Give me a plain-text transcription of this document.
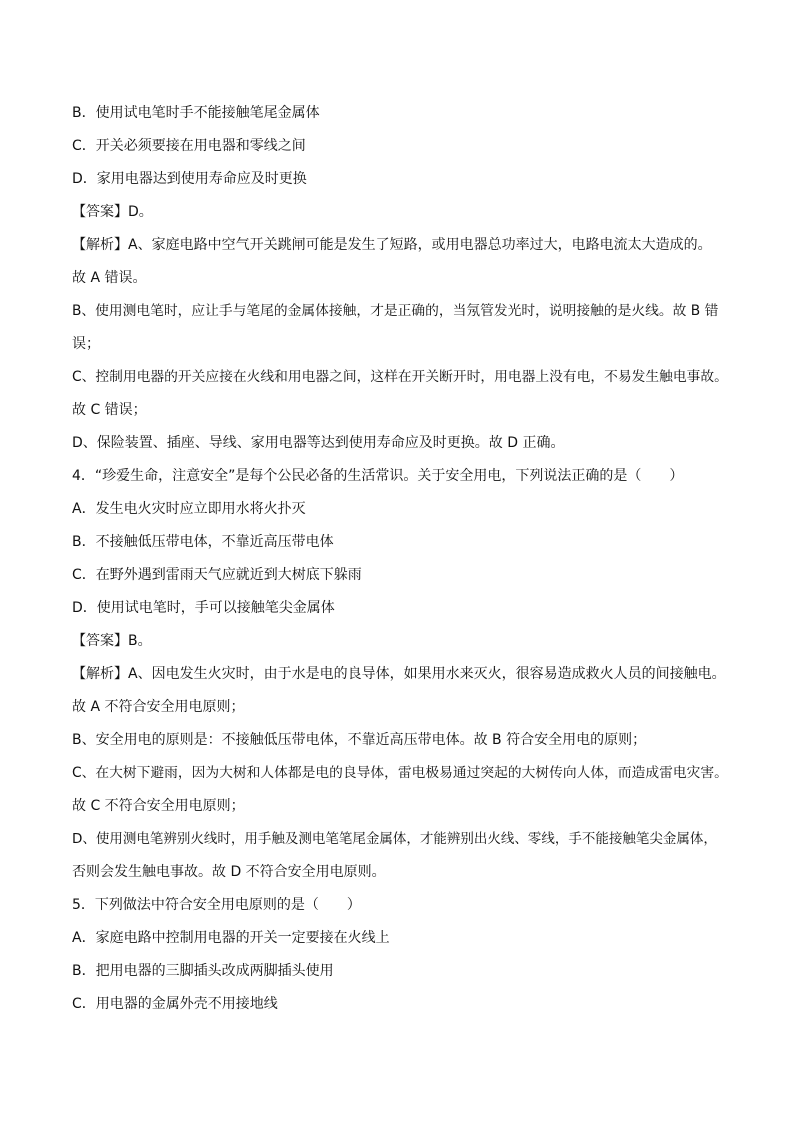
B．使用试电笔时手不能接触笔尾金属体
C．开关必须要接在用电器和零线之间
D．家用电器达到使用寿命应及时更换
【答案】D。
【解析】A、家庭电路中空气开关跳闸可能是发生了短路，或用电器总功率过大，电路电流太大造成的。
故 A 错误。
B、使用测电笔时，应让手与笔尾的金属体接触，才是正确的，当氖管发光时，说明接触的是火线。故 B 错
误；
C、控制用电器的开关应接在火线和用电器之间，这样在开关断开时，用电器上没有电，不易发生触电事故。
故 C 错误；
D、保险装置、插座、导线、家用电器等达到使用寿命应及时更换。故 D 正确。
4．“珍爱生命，注意安全”是每个公民必备的生活常识。关于安全用电，下列说法正确的是（　　）
A．发生电火灾时应立即用水将火扑灭
B．不接触低压带电体，不靠近高压带电体
C．在野外遇到雷雨天气应就近到大树底下躲雨
D．使用试电笔时，手可以接触笔尖金属体
【答案】B。
【解析】A、因电发生火灾时，由于水是电的良导体，如果用水来灭火，很容易造成救火人员的间接触电。
故 A 不符合安全用电原则；
B、安全用电的原则是：不接触低压带电体，不靠近高压带电体。故 B 符合安全用电的原则；
C、在大树下避雨，因为大树和人体都是电的良导体，雷电极易通过突起的大树传向人体，而造成雷电灾害。
故 C 不符合安全用电原则；
D、使用测电笔辨别火线时，用手触及测电笔笔尾金属体，才能辨别出火线、零线，手不能接触笔尖金属体，
否则会发生触电事故。故 D 不符合安全用电原则。
5．下列做法中符合安全用电原则的是（　　）
A．家庭电路中控制用电器的开关一定要接在火线上
B．把用电器的三脚插头改成两脚插头使用
C．用电器的金属外壳不用接地线
